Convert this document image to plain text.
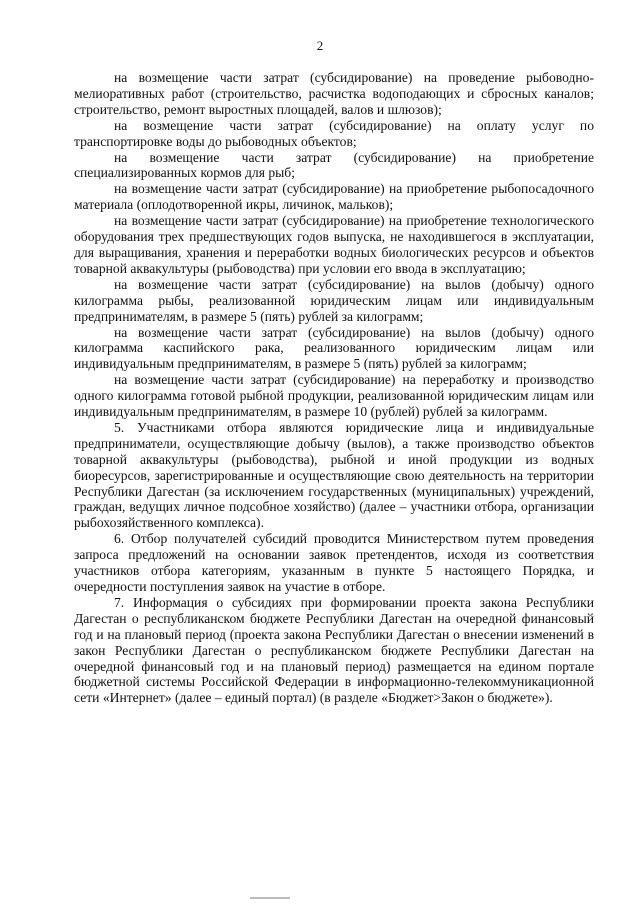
2

на возмещение части затрат (субсидирование) на проведение рыбоводно-мелиоративных работ (строительство, расчистка водоподающих и сбросных каналов; строительство, ремонт выростных площадей, валов и шлюзов);

на возмещение части затрат (субсидирование) на оплату услуг по транспортировке воды до рыбоводных объектов;

на возмещение части затрат (субсидирование) на приобретение специализированных кормов для рыб;

на возмещение части затрат (субсидирование) на приобретение рыбопосадочного материала (оплодотворенной икры, личинок, мальков);

на возмещение части затрат (субсидирование) на приобретение технологического оборудования трех предшествующих годов выпуска, не находившегося в эксплуатации, для выращивания, хранения и переработки водных биологических ресурсов и объектов товарной аквакультуры (рыбоводства) при условии его ввода в эксплуатацию;

на возмещение части затрат (субсидирование) на вылов (добычу) одного килограмма рыбы, реализованной юридическим лицам или индивидуальным предпринимателям, в размере 5 (пять) рублей за килограмм;

на возмещение части затрат (субсидирование) на вылов (добычу) одного килограмма каспийского рака, реализованного юридическим лицам или индивидуальным предпринимателям, в размере 5 (пять) рублей за килограмм;

на возмещение части затрат (субсидирование) на переработку и производство одного килограмма готовой рыбной продукции, реализованной юридическим лицам или индивидуальным предпринимателям, в размере 10 (рублей) рублей за килограмм.

5. Участниками отбора являются юридические лица и индивидуальные предприниматели, осуществляющие добычу (вылов), а также производство объектов товарной аквакультуры (рыбоводства), рыбной и иной продукции из водных биоресурсов, зарегистрированные и осуществляющие свою деятельность на территории Республики Дагестан (за исключением государственных (муниципальных) учреждений, граждан, ведущих личное подсобное хозяйство) (далее – участники отбора, организации рыбохозяйственного комплекса).

6. Отбор получателей субсидий проводится Министерством путем проведения запроса предложений на основании заявок претендентов, исходя из соответствия участников отбора категориям, указанным в пункте 5 настоящего Порядка, и очередности поступления заявок на участие в отборе.

7. Информация о субсидиях при формировании проекта закона Республики Дагестан о республиканском бюджете Республики Дагестан на очередной финансовый год и на плановый период (проекта закона Республики Дагестан о внесении изменений в закон Республики Дагестан о республиканском бюджете Республики Дагестан на очередной финансовый год и на плановый период) размещается на едином портале бюджетной системы Российской Федерации в информационно-телекоммуникационной сети «Интернет» (далее – единый портал) (в разделе «Бюджет>Закон о бюджете»).
